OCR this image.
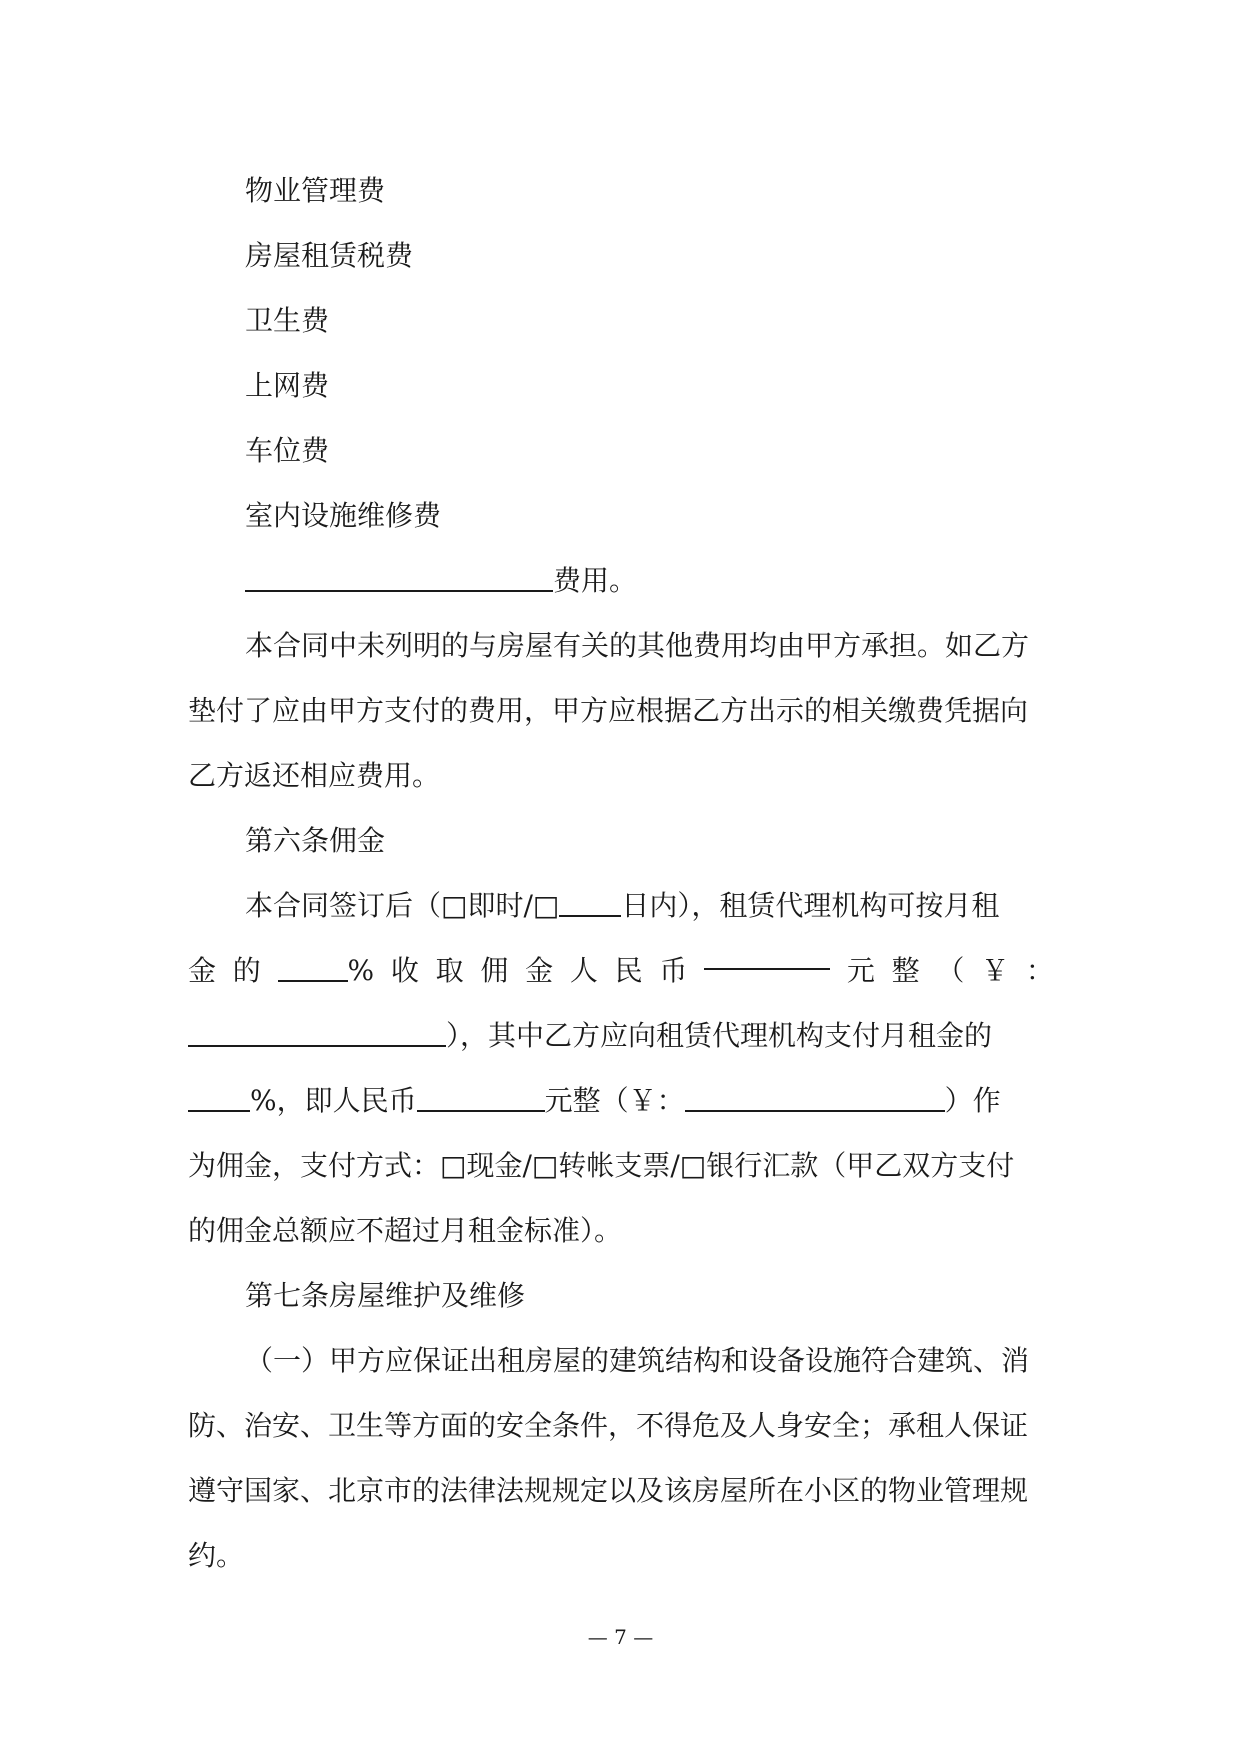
物业管理费
房屋租赁税费
卫生费
上网费
车位费
室内设施维修费
费用。
本合同中未列明的与房屋有关的其他费用均由甲方承担。如乙方
垫付了应由甲方支付的费用，甲方应根据乙方出示的相关缴费凭据向
乙方返还相应费用。
第六条佣金
本合同签订后（□即时/□ 日内），租赁代理机构可按月租
金 的	% 收 取 佣 金 人 民 币	元 整 （ ￥ ：
），其中乙方应向租赁代理机构支付月租金的
%，即人民币	元整（￥：	）作
为佣金，支付方式：□现金/□转帐支票/□银行汇款（甲乙双方支付
的佣金总额应不超过月租金标准）。
第七条房屋维护及维修
（一）甲方应保证出租房屋的建筑结构和设备设施符合建筑、消
防、治安、卫生等方面的安全条件，不得危及人身安全；承租人保证
遵守国家、北京市的法律法规规定以及该房屋所在小区的物业管理规
约。
— 7 —
